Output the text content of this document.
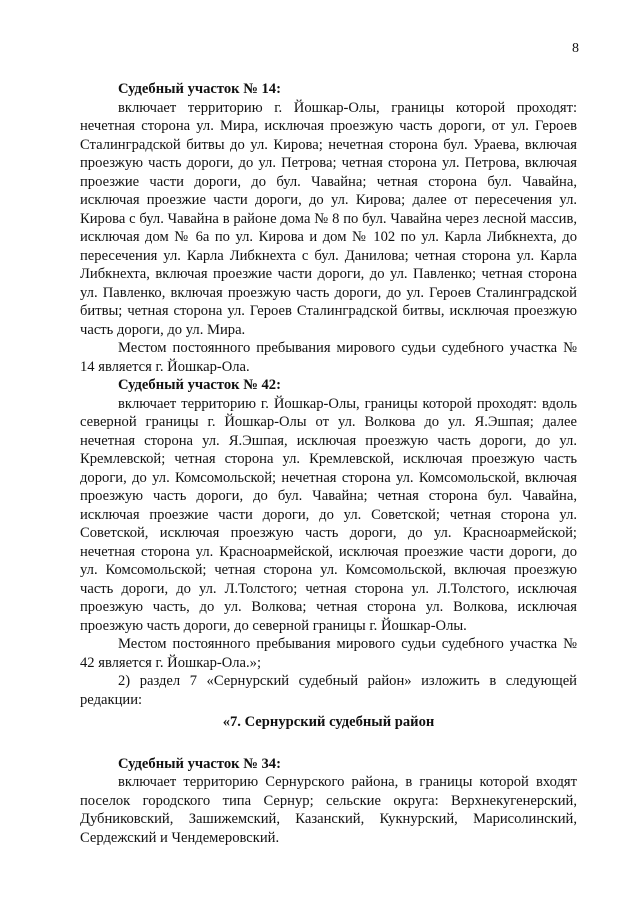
8

Судебный участок № 14:

включает территорию г. Йошкар-Олы, границы которой проходят: нечетная сторона ул. Мира, исключая проезжую часть дороги, от ул. Героев Сталинградской битвы до ул. Кирова; нечетная сторона бул. Ураева, включая проезжую часть дороги, до ул. Петрова; четная сторона ул. Петрова, включая проезжие части дороги, до бул. Чавайна; четная сторона бул. Чавайна, исключая проезжие части дороги, до ул. Кирова; далее от пересечения ул. Кирова с бул. Чавайна в районе дома № 8 по бул. Чавайна через лесной массив, исключая дом № 6а по ул. Кирова и дом № 102 по ул. Карла Либкнехта, до пересечения ул. Карла Либкнехта с бул. Данилова; четная сторона ул. Карла Либкнехта, включая проезжие части дороги, до ул. Павленко; четная сторона ул. Павленко, включая проезжую часть дороги, до ул. Героев Сталинградской битвы; четная сторона ул. Героев Сталинградской битвы, исключая проезжую часть дороги, до ул. Мира.

Местом постоянного пребывания мирового судьи судебного участка № 14 является г. Йошкар-Ола.

Судебный участок № 42:

включает территорию г. Йошкар-Олы, границы которой проходят: вдоль северной границы г. Йошкар-Олы от ул. Волкова до ул. Я.Эшпая; далее нечетная сторона ул. Я.Эшпая, исключая проезжую часть дороги, до ул. Кремлевской; четная сторона ул. Кремлевской, исключая проезжую часть дороги, до ул. Комсомольской; нечетная сторона ул. Комсомольской, включая проезжую часть дороги, до бул. Чавайна; четная сторона бул. Чавайна, исключая проезжие части дороги, до ул. Советской; четная сторона ул. Советской, исключая проезжую часть дороги, до ул. Красноармейской; нечетная сторона ул. Красноармейской, исключая проезжие части дороги, до ул. Комсомольской; четная сторона ул. Комсомольской, включая проезжую часть дороги, до ул. Л.Толстого; четная сторона ул. Л.Толстого, исключая проезжую часть, до ул. Волкова; четная сторона ул. Волкова, исключая проезжую часть дороги, до северной границы г. Йошкар-Олы.

Местом постоянного пребывания мирового судьи судебного участка № 42 является г. Йошкар-Ола.»;

2) раздел 7 «Сернурский судебный район» изложить в следующей редакции:

«7. Сернурский судебный район

Судебный участок № 34:

включает территорию Сернурского района, в границы которой входят поселок городского типа Сернур; сельские округа: Верхнекугенерский, Дубниковский, Зашижемский, Казанский, Кукнурский, Марисолинский, Сердежский и Чендемеровский.
